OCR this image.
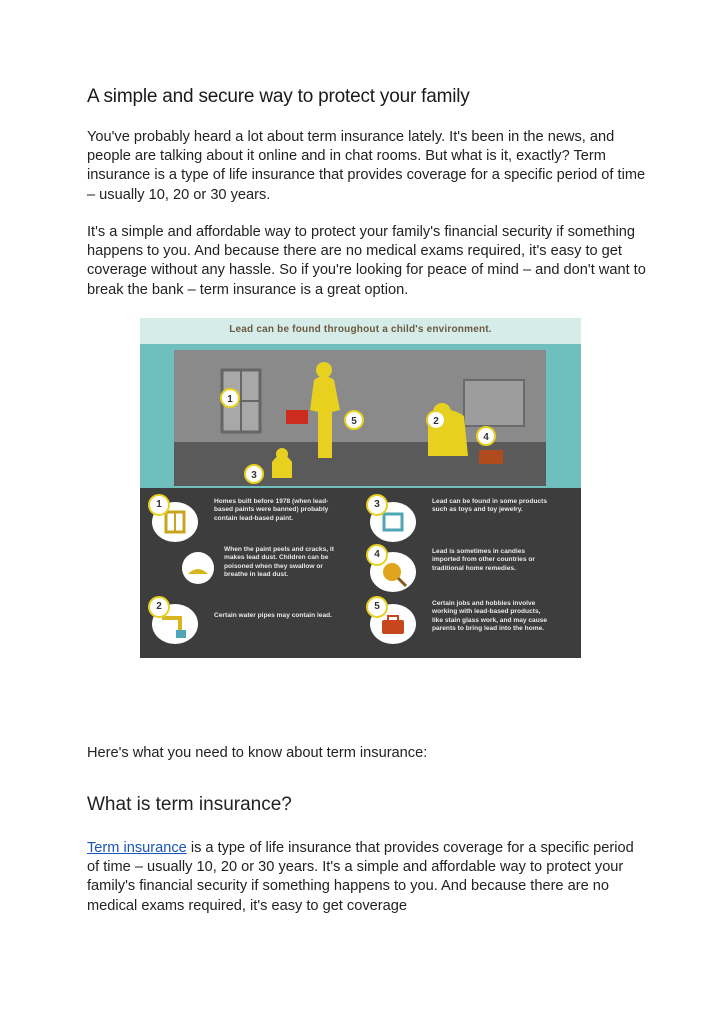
A simple and secure way to protect your family
You've probably heard a lot about term insurance lately. It's been in the news, and people are talking about it online and in chat rooms. But what is it, exactly? Term insurance is a type of life insurance that provides coverage for a specific period of time – usually 10, 20 or 30 years.
It's a simple and affordable way to protect your family's financial security if something happens to you. And because there are no medical exams required, it's easy to get coverage without any hassle. So if you're looking for peace of mind – and don't want to break the bank – term insurance is a great option.
Lead can be found throughout a child's environment.
1
5	2
3
4
1	Homes built before 1978 (when lead-based paints were banned) probably contain lead-based paint.
When the paint peels and cracks, it makes lead dust. Children can be poisoned when they swallow or breathe in lead dust.
2
Certain water pipes may contain lead.
3	Lead can be found in some products such as toys and toy jewelry.
4	Lead is sometimes in candies imported from other countries or traditional home remedies.
5	Certain jobs and hobbies involve working with lead-based products, like stain glass work, and may cause parents to bring lead into the home.
Here's what you need to know about term insurance:
What is term insurance?
Term insurance is a type of life insurance that provides coverage for a specific period of time – usually 10, 20 or 30 years. It's a simple and affordable way to protect your family's financial security if something happens to you. And because there are no medical exams required, it's easy to get coverage
